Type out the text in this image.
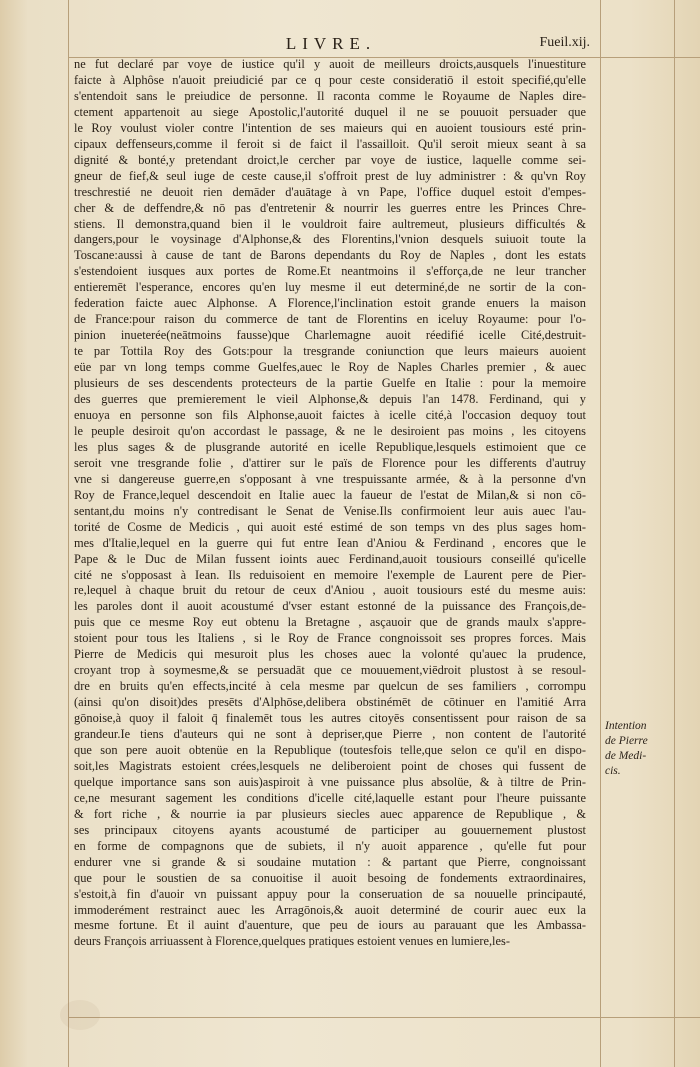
LIVRE.	Fueil.xij.
ne fut declaré par voye de iustice qu'il y auoit de meilleurs droicts,ausquels l'inuestiture
faicte à Alphôse n'auoit preiudicié par ce q pour ceste consideratiō il estoit specifié,qu'elle
s'entendoit sans le preiudice de personne. Il raconta comme le Royaume de Naples dire-
ctement appartenoit au siege Apostolic,l'autorité duquel il ne se pouuoit persuader que
le Roy voulust violer contre l'intention de ses maieurs qui en auoient tousiours esté prin-
cipaux deffenseurs,comme il feroit si de faict il l'assailloit. Qu'il seroit mieux seant à sa
dignité & bonté,y pretendant droict,le cercher par voye de iustice, laquelle comme sei-
gneur de fief,& seul iuge de ceste cause,il s'offroit prest de luy administrer : & qu'vn Roy
treschrestié ne deuoit rien demāder d'auātage à vn Pape, l'office duquel estoit d'empes-
cher & de deffendre,& nō pas d'entretenir & nourrir les guerres entre les Princes Chre-
stiens. Il demonstra,quand bien il le vouldroit faire aultremeut, plusieurs difficultés &
dangers,pour le voysinage d'Alphonse,& des Florentins,l'vnion desquels suiuoit toute la
Toscane:aussi à cause de tant de Barons dependants du Roy de Naples , dont les estats
s'estendoient iusques aux portes de Rome.Et neantmoins il s'efforça,de ne leur trancher
entieremēt l'esperance, encores qu'en luy mesme il eut determiné,de ne sortir de la con-
federation faicte auec Alphonse. A Florence,l'inclination estoit grande enuers la maison
de France:pour raison du commerce de tant de Florentins en iceluy Royaume: pour l'o-
pinion inueterée(neātmoins fausse)que Charlemagne auoit réedifié icelle Cité,destruit-
te par Tottila Roy des Gots:pour la tresgrande coniunction que leurs maieurs auoient
eüe par vn long temps comme Guelfes,auec le Roy de Naples Charles premier , & auec
plusieurs de ses descendents protecteurs de la partie Guelfe en Italie : pour la memoire
des guerres que premierement le vieil Alphonse,& depuis l'an 1478. Ferdinand, qui y
enuoya en personne son fils Alphonse,auoit faictes à icelle cité,à l'occasion dequoy tout
le peuple desiroit qu'on accordast le passage, & ne le desiroient pas moins , les citoyens
les plus sages & de plusgrande autorité en icelle Republique,lesquels estimoient que ce
seroit vne tresgrande folie , d'attirer sur le païs de Florence pour les differents d'autruy
vne si dangereuse guerre,en s'opposant à vne trespuissante armée, & à la personne d'vn
Roy de France,lequel descendoit en Italie auec la faueur de l'estat de Milan,& si non cō-
sentant,du moins n'y contredisant le Senat de Venise.Ils confirmoient leur auis auec l'au-
torité de Cosme de Medicis , qui auoit esté estimé de son temps vn des plus sages hom-
mes d'Italie,lequel en la guerre qui fut entre Iean d'Aniou & Ferdinand , encores que le
Pape & le Duc de Milan fussent ioints auec Ferdinand,auoit tousiours conseillé qu'icelle
cité ne s'opposast à Iean. Ils reduisoient en memoire l'exemple de Laurent pere de Pier-
re,lequel à chaque bruit du retour de ceux d'Aniou , auoit tousiours esté du mesme auis:
les paroles dont il auoit acoustumé d'vser estant estonné de la puissance des François,de-
puis que ce mesme Roy eut obtenu la Bretagne , asçauoir que de grands maulx s'appre-
stoient pour tous les Italiens , si le Roy de France congnoissoit ses propres forces. Mais
Pierre de Medicis qui mesuroit plus les choses auec la volonté qu'auec la prudence,
croyant trop à soymesme,& se persuadāt que ce mouuement,viēdroit plustost à se resoul-
dre en bruits qu'en effects,incité à cela mesme par quelcun de ses familiers , corrompu
(ainsi qu'on disoit)des presēts d'Alphōse,delibera obstinémēt de cōtinuer en l'amitié Arra
gōnoise,à quoy il faloit q̄ finalemēt tous les autres citoyēs consentissent pour raison de sa
grandeur.Ie tiens d'auteurs qui ne sont à depriser,que Pierre , non content de l'autorité
que son pere auoit obtenüe en la Republique (toutesfois telle,que selon ce qu'il en dispo-
soit,les Magistrats estoient crées,lesquels ne deliberoient point de choses qui fussent de
quelque importance sans son auis)aspiroit à vne puissance plus absolüe, & à tiltre de Prin-
ce,ne mesurant sagement les conditions d'icelle cité,laquelle estant pour l'heure puissante
& fort riche , & nourrie ia par plusieurs siecles auec apparence de Republique , &
ses principaux citoyens ayants acoustumé de participer au gouuernement plustost
en forme de compagnons que de subiets, il n'y auoit apparence , qu'elle fut pour
endurer vne si grande & si soudaine mutation : & partant que Pierre, congnoissant
que pour le soustien de sa conuoitise il auoit besoing de fondements extraordinaires,
s'estoit,à fin d'auoir vn puissant appuy pour la conseruation de sa nouuelle principauté,
immoderément restrainct auec les Arragōnois,& auoit determiné de courir auec eux la
mesme fortune. Et il auint d'auenture, que peu de iours au parauant que les Ambassa-
deurs François arriuassent à Florence,quelques pratiques estoient venues en lumiere,les-
Intention
de Pierre
de Medi-
cis.
